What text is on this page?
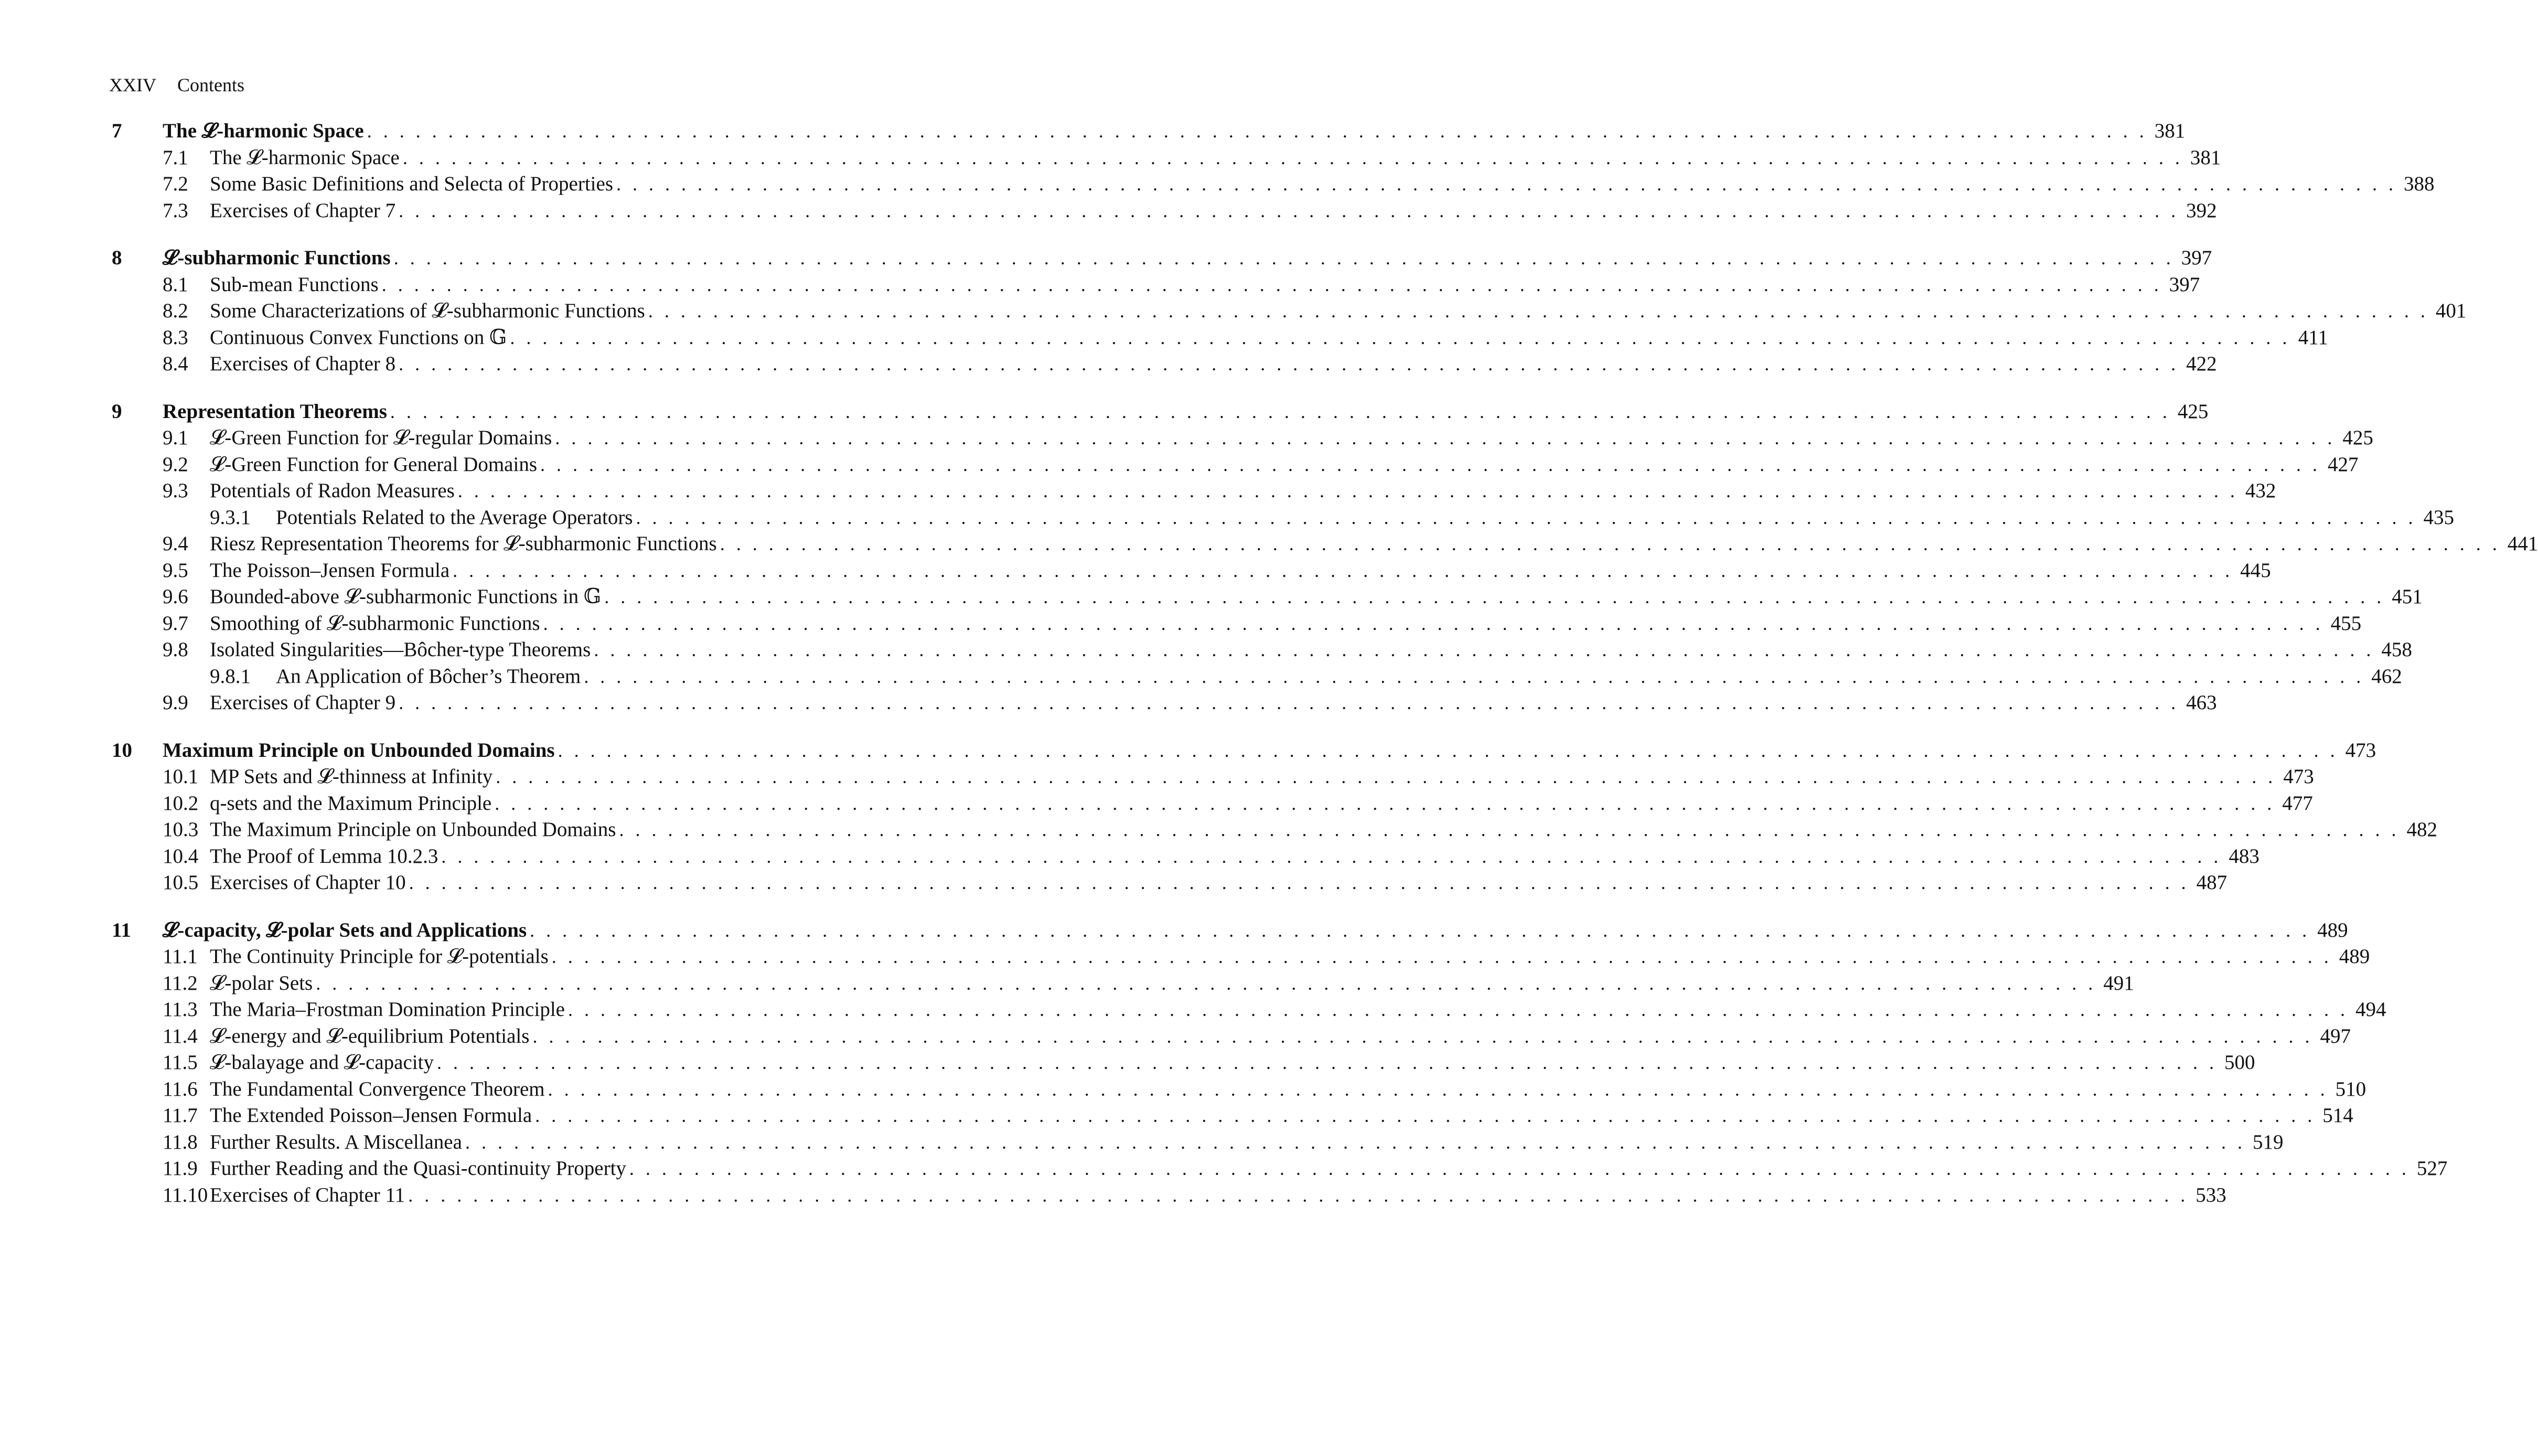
XXIV Contents
7	The 𝓛-harmonic Space . . .	381
7.1	The 𝓛-harmonic Space . . .	381
7.2	Some Basic Definitions and Selecta of Properties . . .	388
7.3	Exercises of Chapter 7 . . .	392
8	𝓛-subharmonic Functions . . .	397
8.1	Sub-mean Functions . . .	397
8.2	Some Characterizations of 𝓛-subharmonic Functions . . .	401
8.3	Continuous Convex Functions on 𝔾 . . .	411
8.4	Exercises of Chapter 8 . . .	422
9	Representation Theorems . . .	425
9.1	𝓛-Green Function for 𝓛-regular Domains . . .	425
9.2	𝓛-Green Function for General Domains . . .	427
9.3	Potentials of Radon Measures . . .	432
9.3.1	Potentials Related to the Average Operators . . .	435
9.4	Riesz Representation Theorems for 𝓛-subharmonic Functions . . .	441
9.5	The Poisson–Jensen Formula . . .	445
9.6	Bounded-above 𝓛-subharmonic Functions in 𝔾 . . .	451
9.7	Smoothing of 𝓛-subharmonic Functions . . .	455
9.8	Isolated Singularities—Bôcher-type Theorems . . .	458
9.8.1	An Application of Bôcher’s Theorem . . .	462
9.9	Exercises of Chapter 9 . . .	463
10	Maximum Principle on Unbounded Domains . . .	473
10.1 MP Sets and 𝓛-thinness at Infinity . . .	473
10.2 q-sets and the Maximum Principle . . .	477
10.3 The Maximum Principle on Unbounded Domains . . .	482
10.4 The Proof of Lemma 10.2.3 . . .	483
10.5 Exercises of Chapter 10 . . .	487
11	𝓛-capacity, 𝓛-polar Sets and Applications . . .	489
11.1 The Continuity Principle for 𝓛-potentials . . .	489
11.2 𝓛-polar Sets . . .	491
11.3 The Maria–Frostman Domination Principle . . .	494
11.4 𝓛-energy and 𝓛-equilibrium Potentials . . .	497
11.5 𝓛-balayage and 𝓛-capacity . . .	500
11.6 The Fundamental Convergence Theorem . . .	510
11.7 The Extended Poisson–Jensen Formula . . .	514
11.8 Further Results. A Miscellanea . . .	519
11.9 Further Reading and the Quasi-continuity Property . . .	527
11.10 Exercises of Chapter 11 . . .	533
